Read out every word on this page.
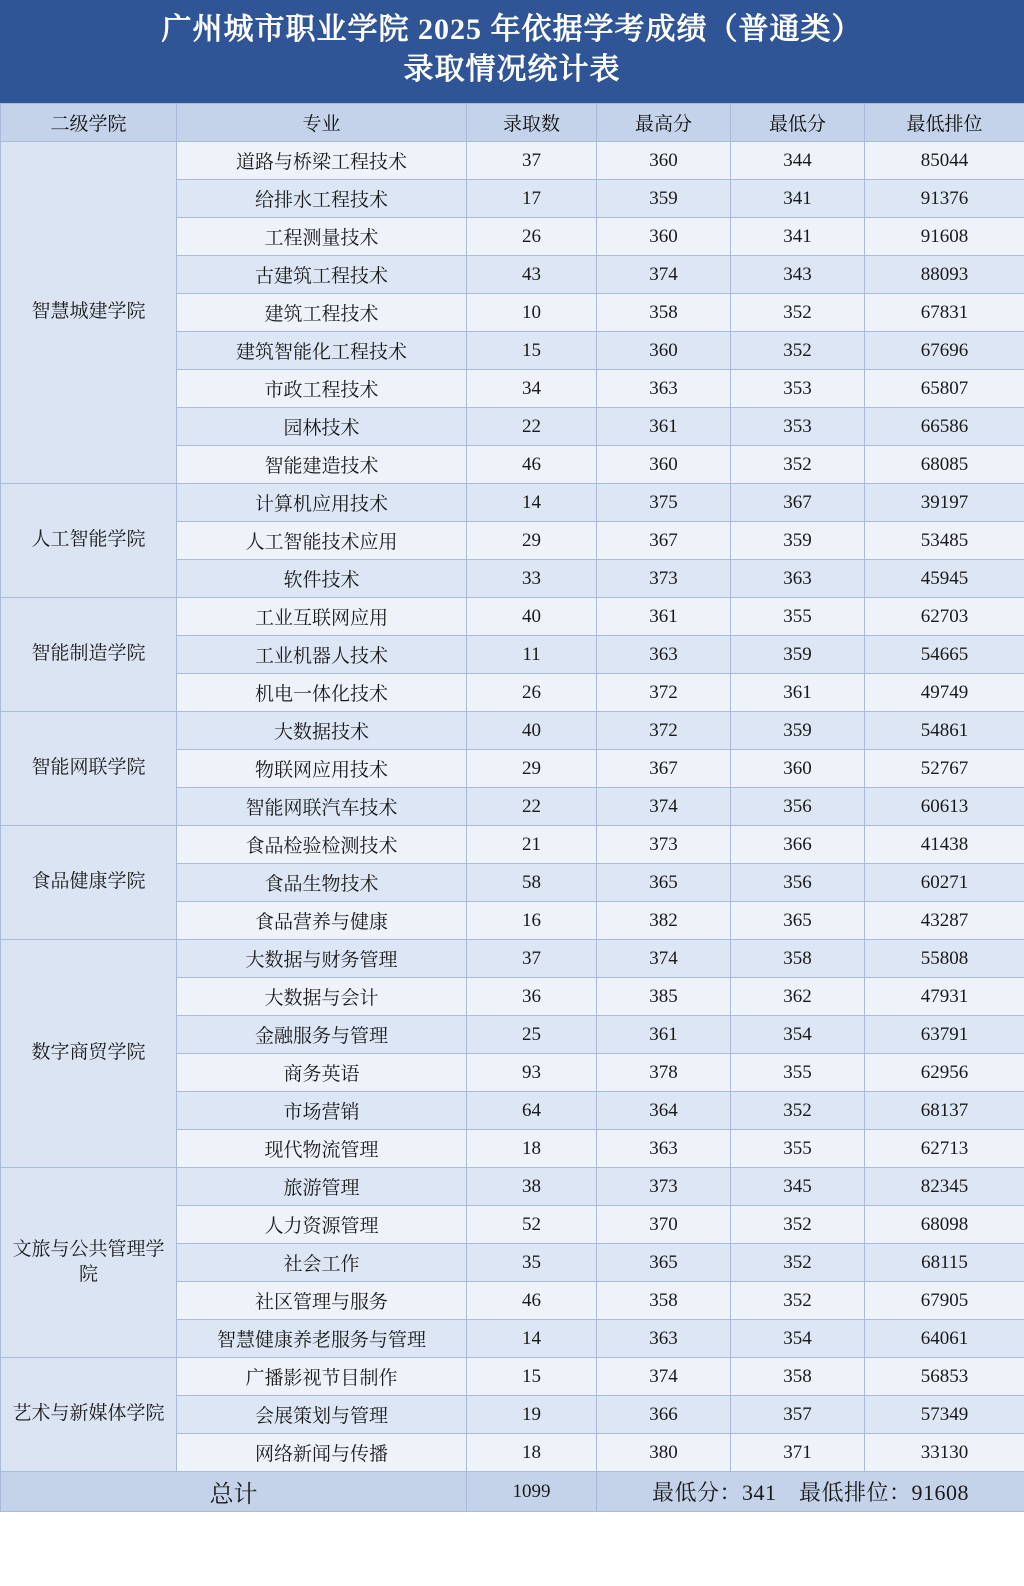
广州城市职业学院 2025 年依据学考成绩（普通类）
录取情况统计表
二级学院	专业	录取数	最高分	最低分	最低排位
智慧城建学院	道路与桥梁工程技术	37	360	344	85044
	给排水工程技术	17	359	341	91376
	工程测量技术	26	360	341	91608
	古建筑工程技术	43	374	343	88093
	建筑工程技术	10	358	352	67831
	建筑智能化工程技术	15	360	352	67696
	市政工程技术	34	363	353	65807
	园林技术	22	361	353	66586
	智能建造技术	46	360	352	68085
人工智能学院	计算机应用技术	14	375	367	39197
	人工智能技术应用	29	367	359	53485
	软件技术	33	373	363	45945
智能制造学院	工业互联网应用	40	361	355	62703
	工业机器人技术	11	363	359	54665
	机电一体化技术	26	372	361	49749
智能网联学院	大数据技术	40	372	359	54861
	物联网应用技术	29	367	360	52767
	智能网联汽车技术	22	374	356	60613
食品健康学院	食品检验检测技术	21	373	366	41438
	食品生物技术	58	365	356	60271
	食品营养与健康	16	382	365	43287
数字商贸学院	大数据与财务管理	37	374	358	55808
	大数据与会计	36	385	362	47931
	金融服务与管理	25	361	354	63791
	商务英语	93	378	355	62956
	市场营销	64	364	352	68137
	现代物流管理	18	363	355	62713
文旅与公共管理学院	旅游管理	38	373	345	82345
	人力资源管理	52	370	352	68098
	社会工作	35	365	352	68115
	社区管理与服务	46	358	352	67905
	智慧健康养老服务与管理	14	363	354	64061
艺术与新媒体学院	广播影视节目制作	15	374	358	56853
	会展策划与管理	19	366	357	57349
	网络新闻与传播	18	380	371	33130
总计		1099	最低分：341　最低排位：91608		
